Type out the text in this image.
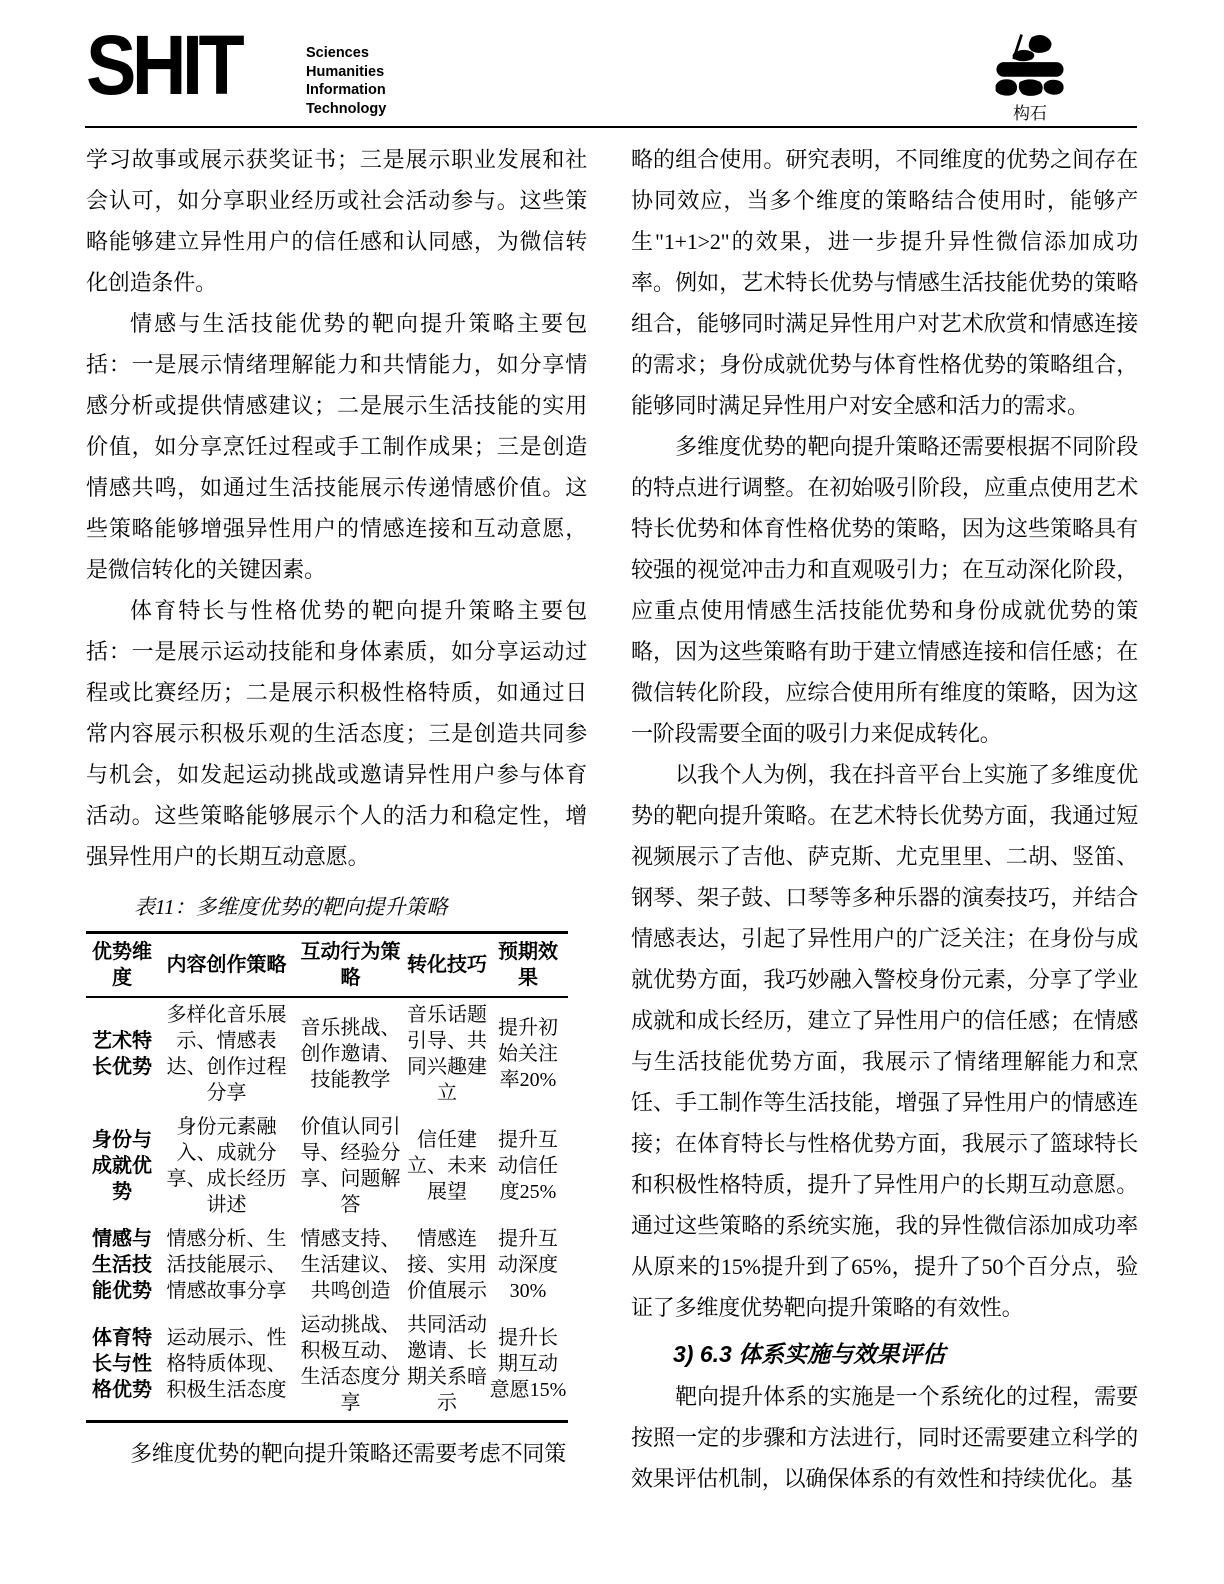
SHIT	Sciences
Humanities
Information
Technology	构石

学习故事或展示获奖证书；三是展示职业发展和社会认可，如分享职业经历或社会活动参与。这些策略能够建立异性用户的信任感和认同感，为微信转化创造条件。

情感与生活技能优势的靶向提升策略主要包括：一是展示情绪理解能力和共情能力，如分享情感分析或提供情感建议；二是展示生活技能的实用价值，如分享烹饪过程或手工制作成果；三是创造情感共鸣，如通过生活技能展示传递情感价值。这些策略能够增强异性用户的情感连接和互动意愿，是微信转化的关键因素。

体育特长与性格优势的靶向提升策略主要包括：一是展示运动技能和身体素质，如分享运动过程或比赛经历；二是展示积极性格特质，如通过日常内容展示积极乐观的生活态度；三是创造共同参与机会，如发起运动挑战或邀请异性用户参与体育活动。这些策略能够展示个人的活力和稳定性，增强异性用户的长期互动意愿。

表11：多维度优势的靶向提升策略
优势维度	内容创作策略	互动行为策略	转化技巧	预期效果
艺术特长优势	多样化音乐展示、情感表达、创作过程分享	音乐挑战、创作邀请、技能教学	音乐话题引导、共同兴趣建立	提升初始关注率20%
身份与成就优势	身份元素融入、成就分享、成长经历讲述	价值认同引导、经验分享、问题解答	信任建立、未来展望	提升互动信任度25%
情感与生活技能优势	情感分析、生活技能展示、情感故事分享	情感支持、生活建议、共鸣创造	情感连接、实用价值展示	提升互动深度30%
体育特长与性格优势	运动展示、性格特质体现、积极生活态度	运动挑战、积极互动、生活态度分享	共同活动邀请、长期关系暗示	提升长期互动意愿15%

多维度优势的靶向提升策略还需要考虑不同策

略的组合使用。研究表明，不同维度的优势之间存在协同效应，当多个维度的策略结合使用时，能够产生"1+1>2"的效果，进一步提升异性微信添加成功率。例如，艺术特长优势与情感生活技能优势的策略组合，能够同时满足异性用户对艺术欣赏和情感连接的需求；身份成就优势与体育性格优势的策略组合，能够同时满足异性用户对安全感和活力的需求。

多维度优势的靶向提升策略还需要根据不同阶段的特点进行调整。在初始吸引阶段，应重点使用艺术特长优势和体育性格优势的策略，因为这些策略具有较强的视觉冲击力和直观吸引力；在互动深化阶段，应重点使用情感生活技能优势和身份成就优势的策略，因为这些策略有助于建立情感连接和信任感；在微信转化阶段，应综合使用所有维度的策略，因为这一阶段需要全面的吸引力来促成转化。

以我个人为例，我在抖音平台上实施了多维度优势的靶向提升策略。在艺术特长优势方面，我通过短视频展示了吉他、萨克斯、尤克里里、二胡、竖笛、钢琴、架子鼓、口琴等多种乐器的演奏技巧，并结合情感表达，引起了异性用户的广泛关注；在身份与成就优势方面，我巧妙融入警校身份元素，分享了学业成就和成长经历，建立了异性用户的信任感；在情感与生活技能优势方面，我展示了情绪理解能力和烹饪、手工制作等生活技能，增强了异性用户的情感连接；在体育特长与性格优势方面，我展示了篮球特长和积极性格特质，提升了异性用户的长期互动意愿。通过这些策略的系统实施，我的异性微信添加成功率从原来的15%提升到了65%，提升了50个百分点，验证了多维度优势靶向提升策略的有效性。

3) 6.3 体系实施与效果评估

靶向提升体系的实施是一个系统化的过程，需要按照一定的步骤和方法进行，同时还需要建立科学的效果评估机制，以确保体系的有效性和持续优化。基
